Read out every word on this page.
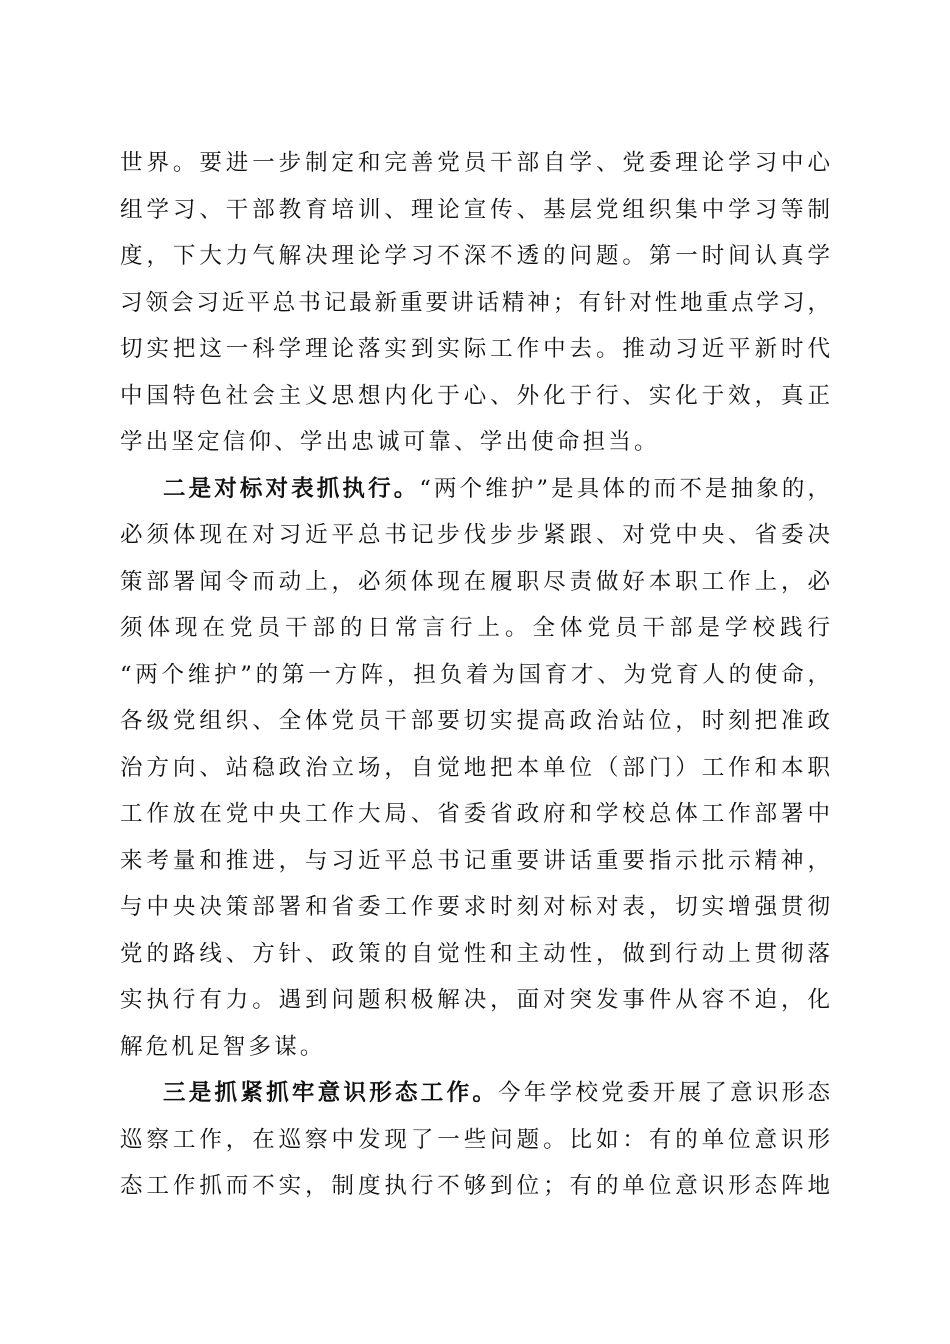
世界。要进一步制定和完善党员干部自学、党委理论学习中心
组学习、干部教育培训、理论宣传、基层党组织集中学习等制
度，下大力气解决理论学习不深不透的问题。第一时间认真学
习领会习近平总书记最新重要讲话精神；有针对性地重点学习，
切实把这一科学理论落实到实际工作中去。推动习近平新时代
中国特色社会主义思想内化于心、外化于行、实化于效，真正
学出坚定信仰、学出忠诚可靠、学出使命担当。
二是对标对表抓执行。“两个维护”是具体的而不是抽象的，
必须体现在对习近平总书记步伐步步紧跟、对党中央、省委决
策部署闻令而动上，必须体现在履职尽责做好本职工作上，必
须体现在党员干部的日常言行上。全体党员干部是学校践行
“两个维护”的第一方阵，担负着为国育才、为党育人的使命，
各级党组织、全体党员干部要切实提高政治站位，时刻把准政
治方向、站稳政治立场，自觉地把本单位（部门）工作和本职
工作放在党中央工作大局、省委省政府和学校总体工作部署中
来考量和推进，与习近平总书记重要讲话重要指示批示精神，
与中央决策部署和省委工作要求时刻对标对表，切实增强贯彻
党的路线、方针、政策的自觉性和主动性，做到行动上贯彻落
实执行有力。遇到问题积极解决，面对突发事件从容不迫，化
解危机足智多谋。
三是抓紧抓牢意识形态工作。今年学校党委开展了意识形态
巡察工作，在巡察中发现了一些问题。比如：有的单位意识形
态工作抓而不实，制度执行不够到位；有的单位意识形态阵地
